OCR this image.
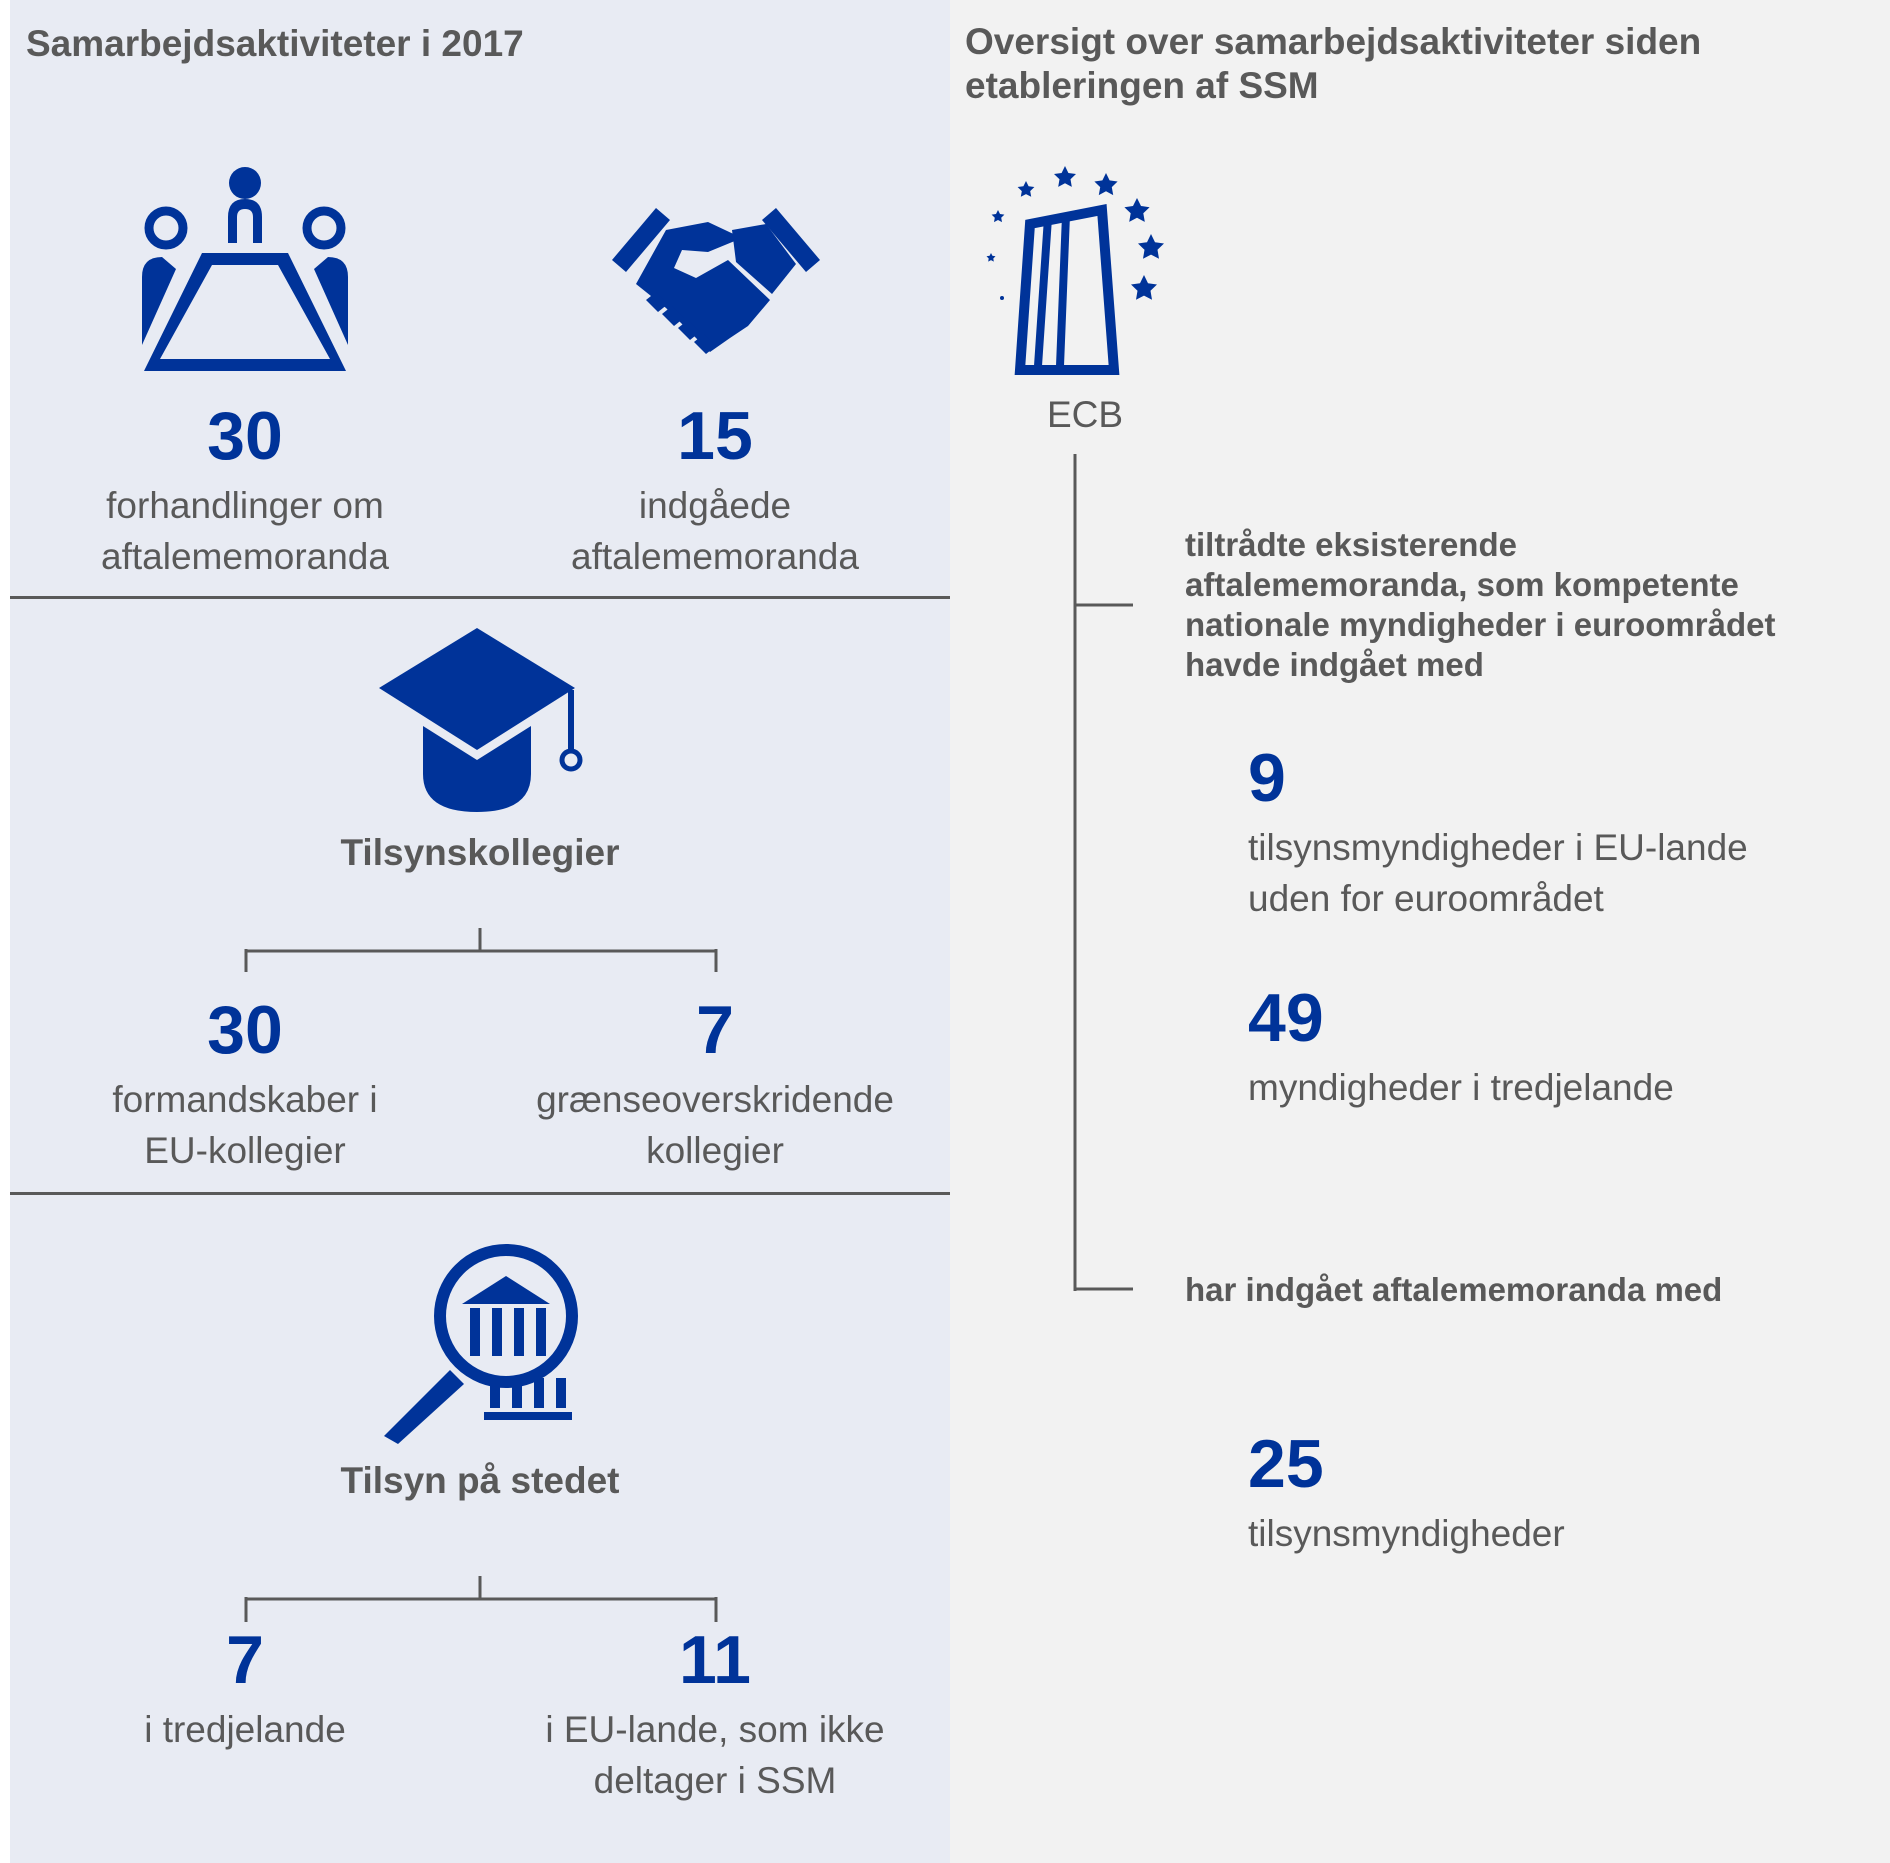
Samarbejdsaktiviteter i 2017
30
forhandlinger om
aftalememoranda
15
indgåede
aftalememoranda
Tilsynskollegier
30
formandskaber i
EU-kollegier
7
grænseoverskridende
kollegier
Tilsyn på stedet
7
i tredjelande
11
i EU-lande, som ikke
deltager i SSM
Oversigt over samarbejdsaktiviteter siden
etableringen af SSM
ECB
tiltrådte eksisterende
aftalememoranda, som kompetente
nationale myndigheder i euroområdet
havde indgået med
9
tilsynsmyndigheder i EU-lande
uden for euroområdet
49
myndigheder i tredjelande
har indgået aftalememoranda med
25
tilsynsmyndigheder
